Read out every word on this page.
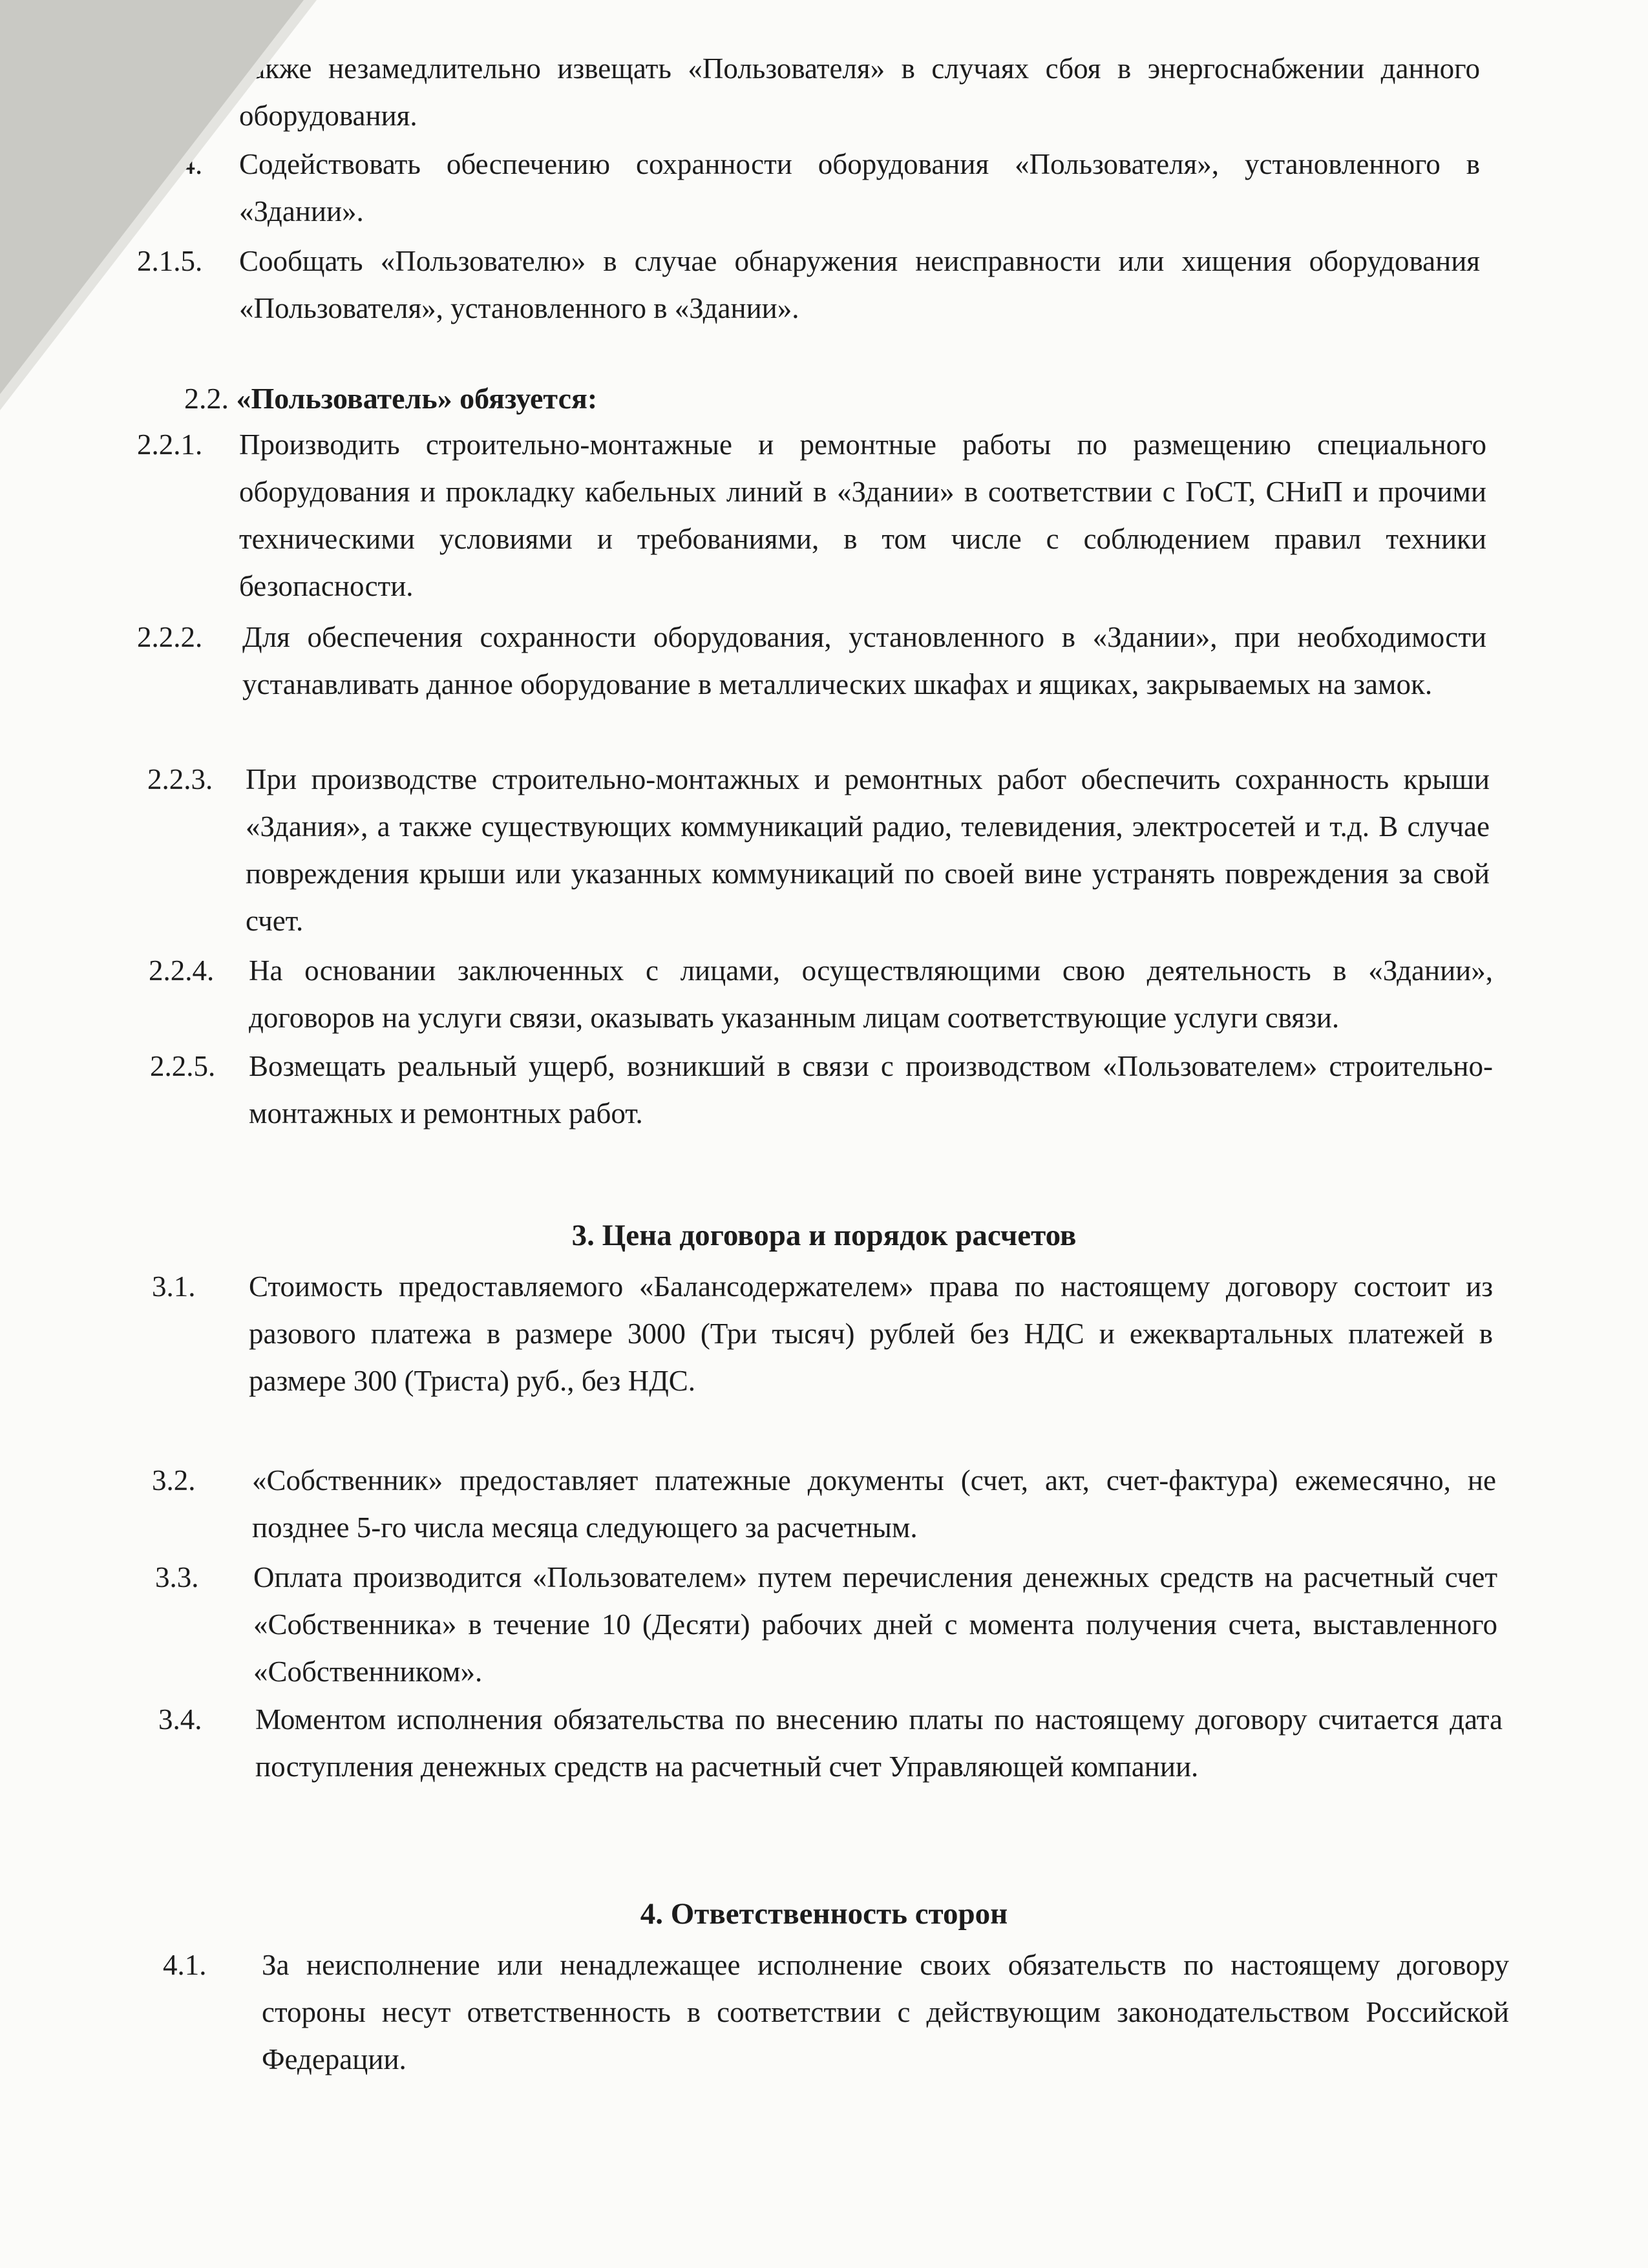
также незамедлительно извещать «Пользователя» в случаях сбоя в энергоснабжении данного оборудования.
2.1.4. Содействовать обеспечению сохранности оборудования «Пользователя», установленного в «Здании».
2.1.5. Сообщать «Пользователю» в случае обнаружения неисправности или хищения оборудования «Пользователя», установленного в «Здании».
2.2. «Пользователь» обязуется:
2.2.1. Производить строительно-монтажные и ремонтные работы по размещению специального оборудования и прокладку кабельных линий в «Здании» в соответствии с ГоСТ, СНиП и прочими техническими условиями и требованиями, в том числе с соблюдением правил техники безопасности.
2.2.2. Для обеспечения сохранности оборудования, установленного в «Здании», при необходимости устанавливать данное оборудование в металлических шкафах и ящиках, закрываемых на замок.
2.2.3. При производстве строительно-монтажных и ремонтных работ обеспечить сохранность крыши «Здания», а также существующих коммуникаций радио, телевидения, электросетей и т.д. В случае повреждения крыши или указанных коммуникаций по своей вине устранять повреждения за свой счет.
2.2.4. На основании заключенных с лицами, осуществляющими свою деятельность в «Здании», договоров на услуги связи, оказывать указанным лицам соответствующие услуги связи.
2.2.5. Возмещать реальный ущерб, возникший в связи с производством «Пользователем» строительно-монтажных и ремонтных работ.
3. Цена договора и порядок расчетов
3.1. Стоимость предоставляемого «Балансодержателем» права по настоящему договору состоит из разового платежа в размере 3000 (Три тысяч) рублей без НДС и ежеквартальных платежей в размере 300 (Триста) руб., без НДС.
3.2. «Собственник» предоставляет платежные документы (счет, акт, счет-фактура) ежемесячно, не позднее 5-го числа месяца следующего за расчетным.
3.3. Оплата производится «Пользователем» путем перечисления денежных средств на расчетный счет «Собственника» в течение 10 (Десяти) рабочих дней с момента получения счета, выставленного «Собственником».
3.4. Моментом исполнения обязательства по внесению платы по настоящему договору считается дата поступления денежных средств на расчетный счет Управляющей компании.
4. Ответственность сторон
4.1. За неисполнение или ненадлежащее исполнение своих обязательств по настоящему договору стороны несут ответственность в соответствии с действующим законодательством Российской Федерации.
